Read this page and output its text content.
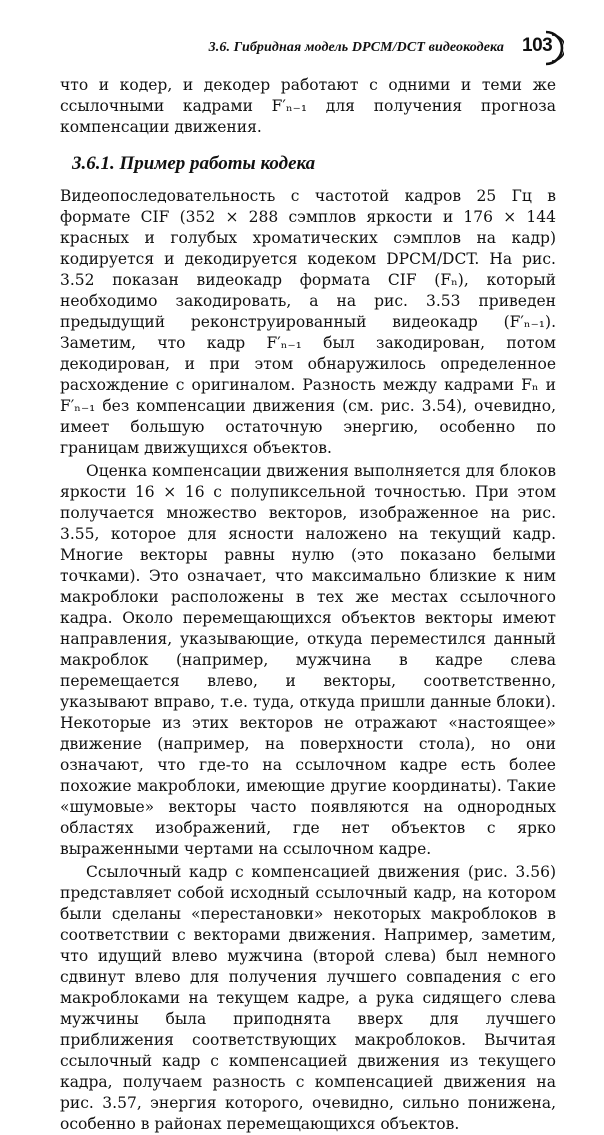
3.6. Гибридная модель DPCM/DCT видеокодека 103

что и кодер, и декодер работают с одними и теми же ссылочными кадрами F′ₙ₋₁ для получения прогноза компенсации движения.

3.6.1. Пример работы кодека

Видеопоследовательность с частотой кадров 25 Гц в формате CIF (352 × 288 сэмплов яркости и 176 × 144 красных и голубых хроматических сэмплов на кадр) кодируется и декодируется кодеком DPCM/DCT. На рис. 3.52 показан видеокадр формата CIF (Fₙ), который необходимо закодировать, а на рис. 3.53 приведен предыдущий реконструированный видеокадр (F′ₙ₋₁). Заметим, что кадр F′ₙ₋₁ был закодирован, потом декодирован, и при этом обнаружилось определенное расхождение с оригиналом. Разность между кадрами Fₙ и F′ₙ₋₁ без компенсации движения (см. рис. 3.54), очевидно, имеет большую остаточную энергию, особенно по границам движущихся объектов.

Оценка компенсации движения выполняется для блоков яркости 16 × 16 с полупиксельной точностью. При этом получается множество векторов, изображенное на рис. 3.55, которое для ясности наложено на текущий кадр. Многие векторы равны нулю (это показано белыми точками). Это означает, что максимально близкие к ним макроблоки расположены в тех же местах ссылочного кадра. Около перемещающихся объектов векторы имеют направления, указывающие, откуда переместился данный макроблок (например, мужчина в кадре слева перемещается влево, и векторы, соответственно, указывают вправо, т.е. туда, откуда пришли данные блоки). Некоторые из этих векторов не отражают «настоящее» движение (например, на поверхности стола), но они означают, что где-то на ссылочном кадре есть более похожие макроблоки, имеющие другие координаты). Такие «шумовые» векторы часто появляются на однородных областях изображений, где нет объектов с ярко выраженными чертами на ссылочном кадре.

Ссылочный кадр с компенсацией движения (рис. 3.56) представляет собой исходный ссылочный кадр, на котором были сделаны «перестановки» некоторых макроблоков в соответствии с векторами движения. Например, заметим, что идущий влево мужчина (второй слева) был немного сдвинут влево для получения лучшего совпадения с его макроблоками на текущем кадре, а рука сидящего слева мужчины была приподнята вверх для лучшего приближения соответствующих макроблоков. Вычитая ссылочный кадр с компенсацией движения из текущего кадра, получаем разность с компенсацией движения на рис. 3.57, энергия которого, очевидно, сильно понижена, особенно в районах перемещающихся объектов.
